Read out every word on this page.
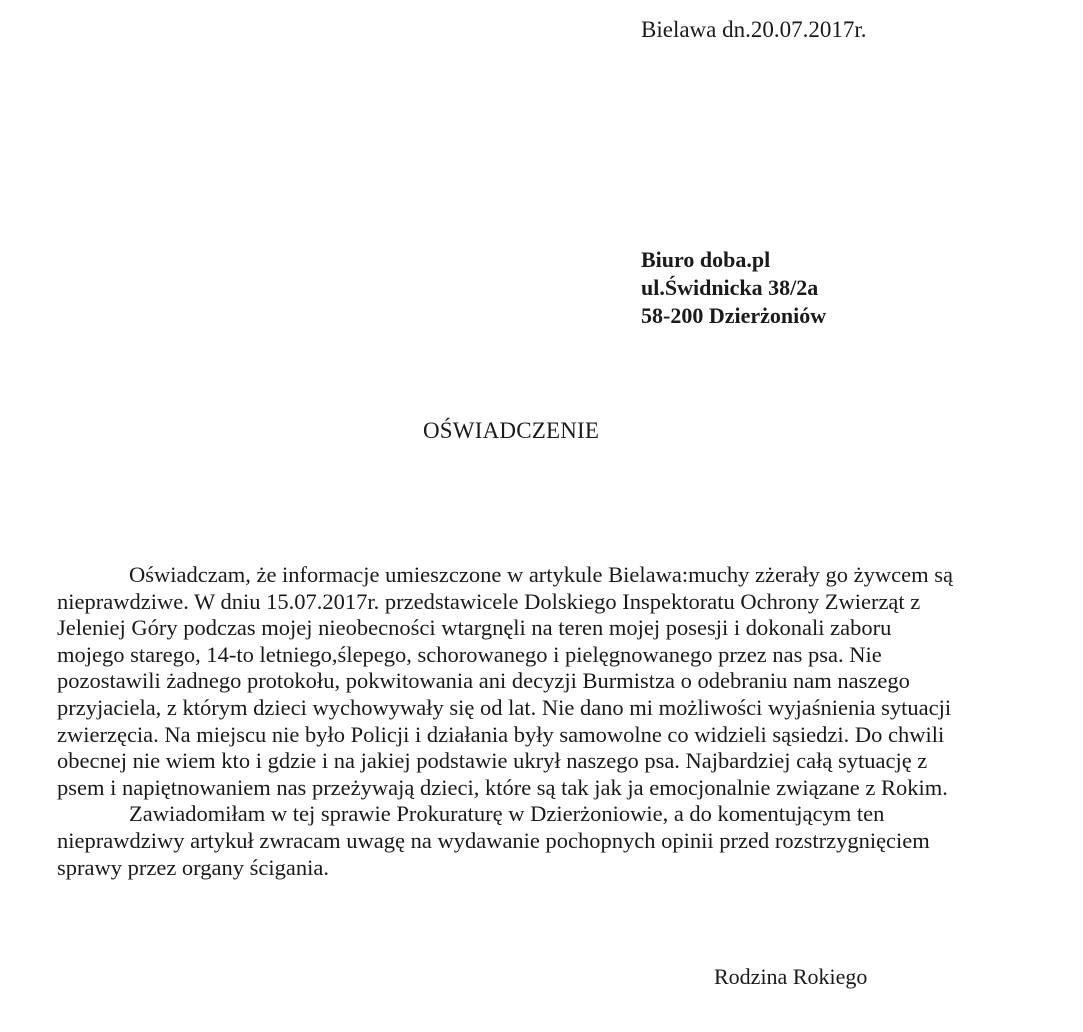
Bielawa dn.20.07.2017r.
Biuro doba.pl
ul.Świdnicka 38/2a
58-200 Dzierżoniów
OŚWIADCZENIE
Oświadczam, że informacje umieszczone w artykule Bielawa:muchy zżerały go żywcem są
nieprawdziwe. W dniu 15.07.2017r. przedstawicele Dolskiego Inspektoratu Ochrony Zwierząt z
Jeleniej Góry podczas mojej nieobecności wtargnęli na teren mojej posesji i dokonali zaboru
mojego starego, 14-to letniego,ślepego, schorowanego i pielęgnowanego przez nas psa. Nie
pozostawili żadnego protokołu, pokwitowania ani decyzji Burmistza o odebraniu nam naszego
przyjaciela, z którym dzieci wychowywały się od lat. Nie dano mi możliwości wyjaśnienia sytuacji
zwierzęcia. Na miejscu nie było Policji i działania były samowolne co widzieli sąsiedzi. Do chwili
obecnej nie wiem kto i gdzie i na jakiej podstawie ukrył naszego psa. Najbardziej całą sytuację z
psem i napiętnowaniem nas przeżywają dzieci, które są tak jak ja emocjonalnie związane z Rokim.
Zawiadomiłam w tej sprawie Prokuraturę w Dzierżoniowie, a do komentującym ten
nieprawdziwy artykuł zwracam uwagę na wydawanie pochopnych opinii przed rozstrzygnięciem
sprawy przez organy ścigania.
Rodzina Rokiego
